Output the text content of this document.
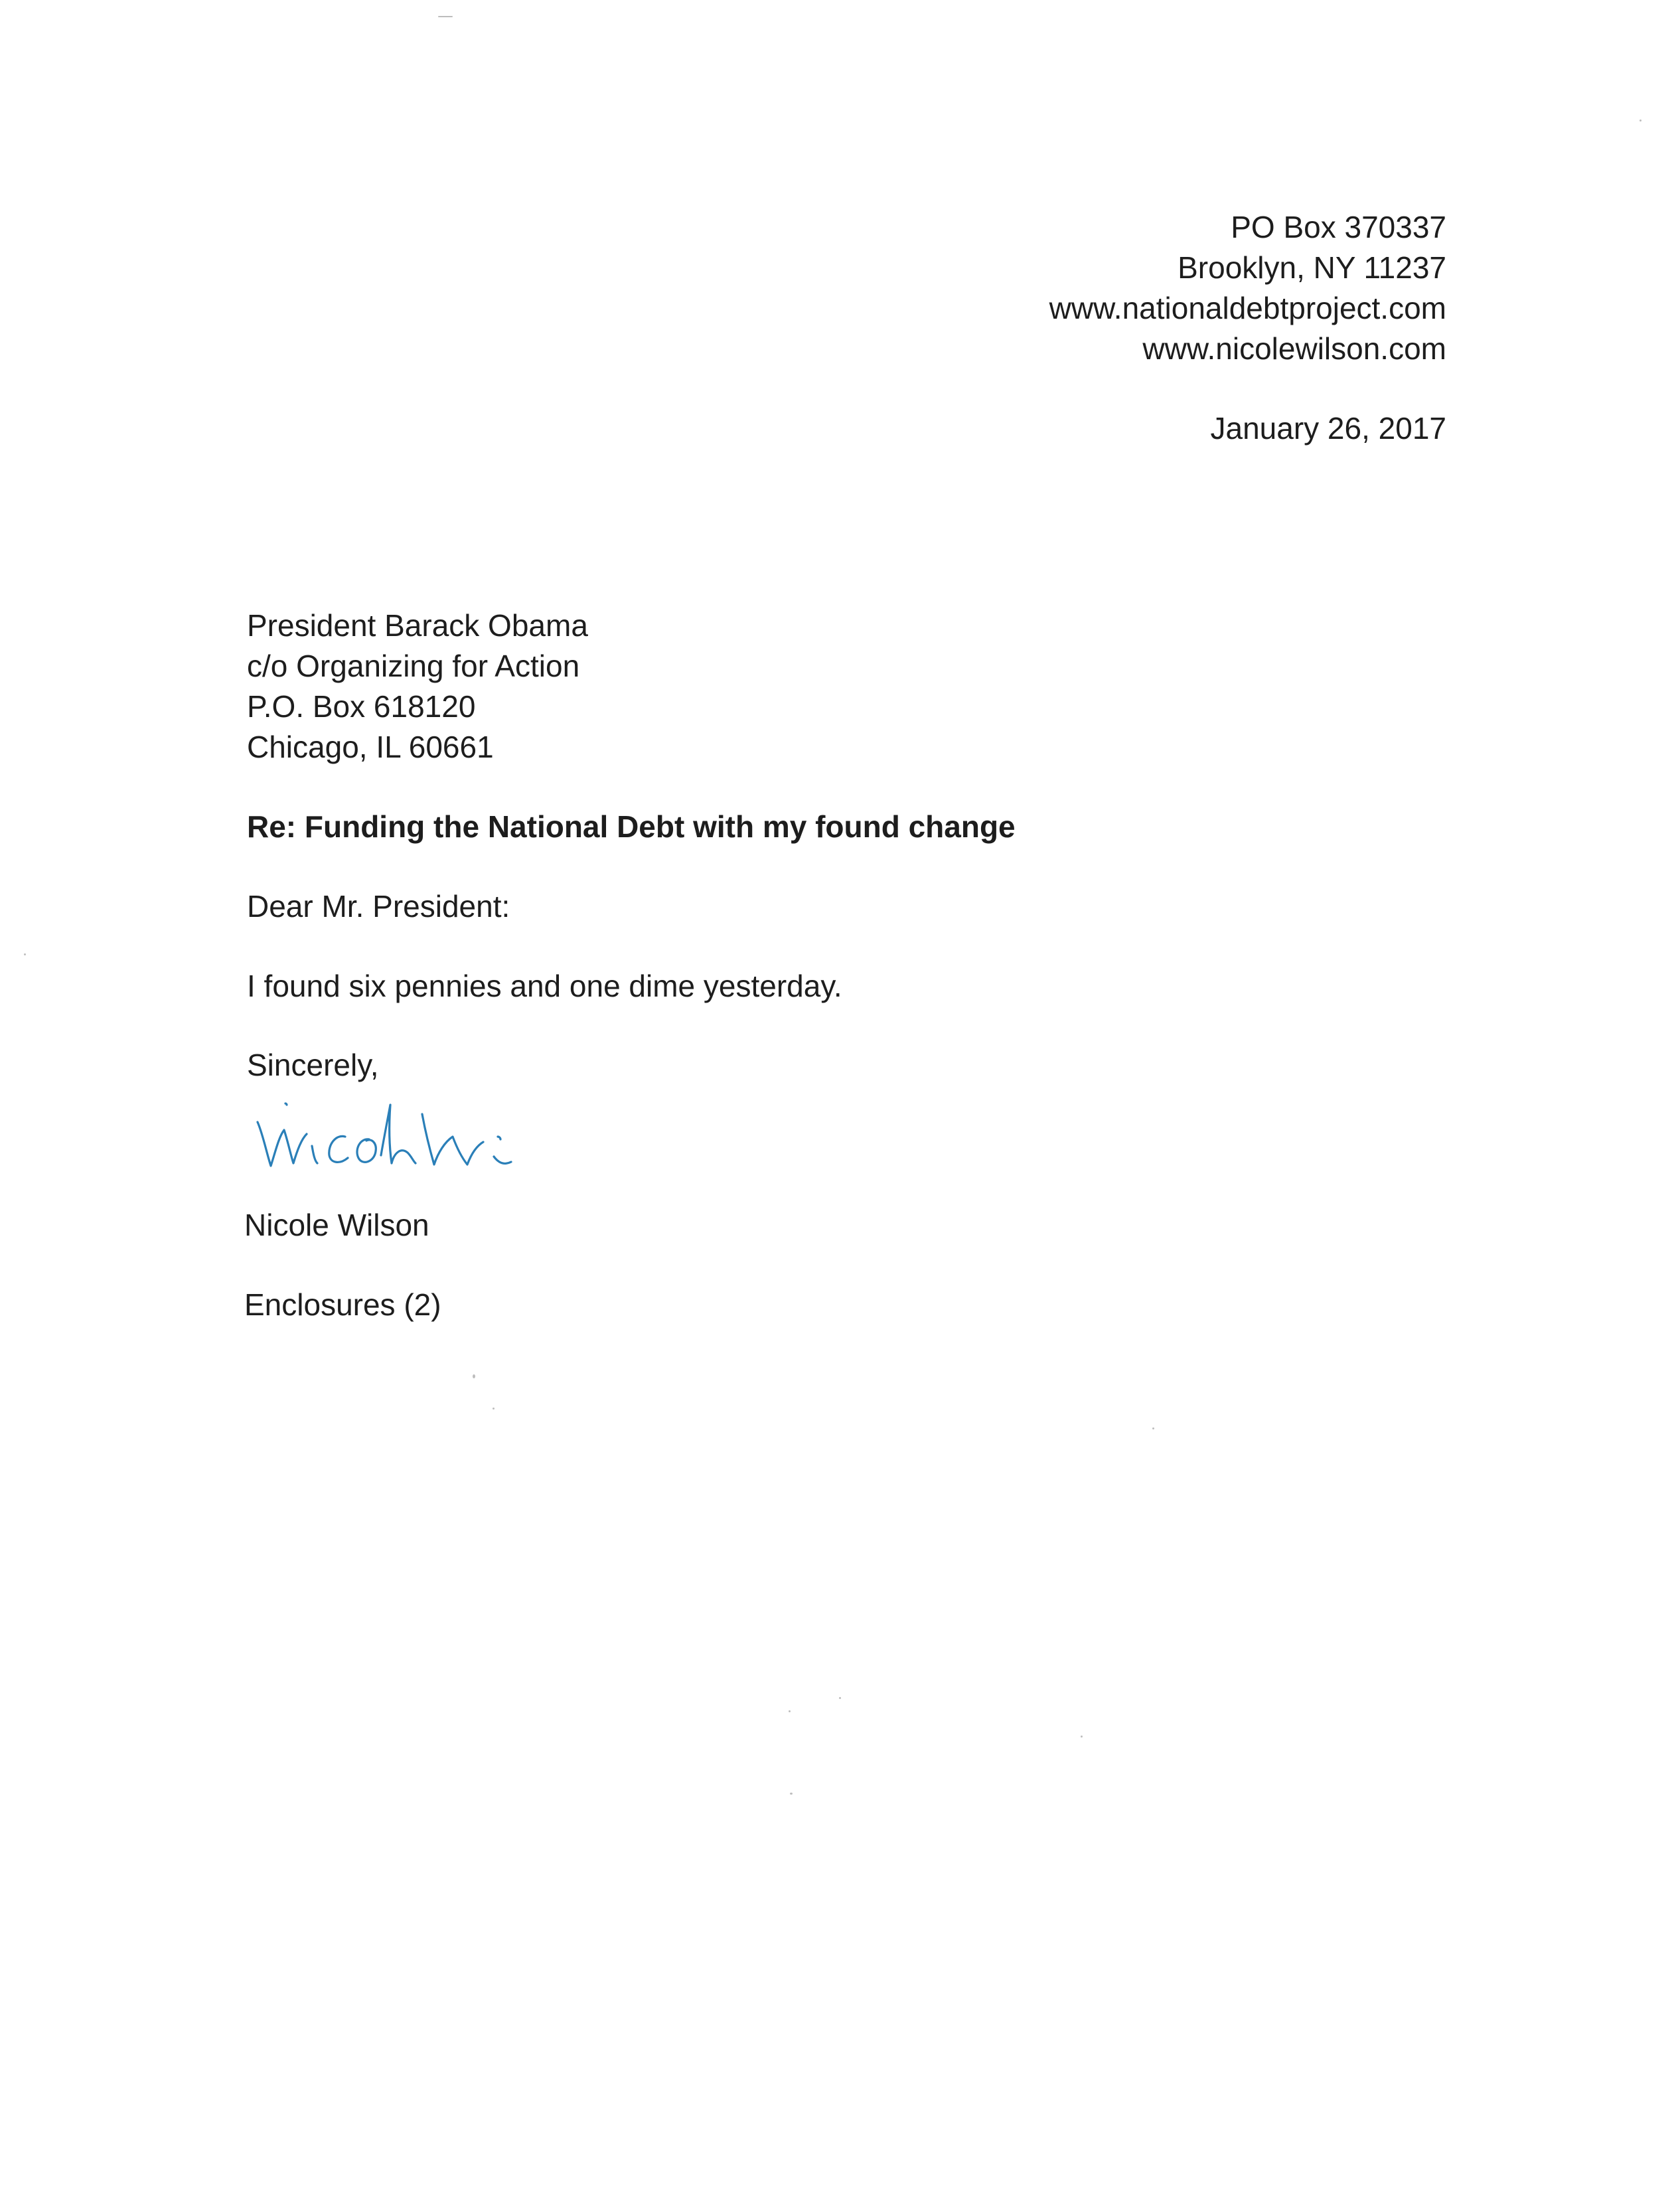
PO Box 370337
Brooklyn, NY 11237
www.nationaldebtproject.com
www.nicolewilson.com
January 26, 2017
President Barack Obama
c/o Organizing for Action
P.O. Box 618120
Chicago, IL 60661
Re: Funding the National Debt with my found change
Dear Mr. President:
I found six pennies and one dime yesterday.
Sincerely,
Nicole Wilson
Enclosures (2)
